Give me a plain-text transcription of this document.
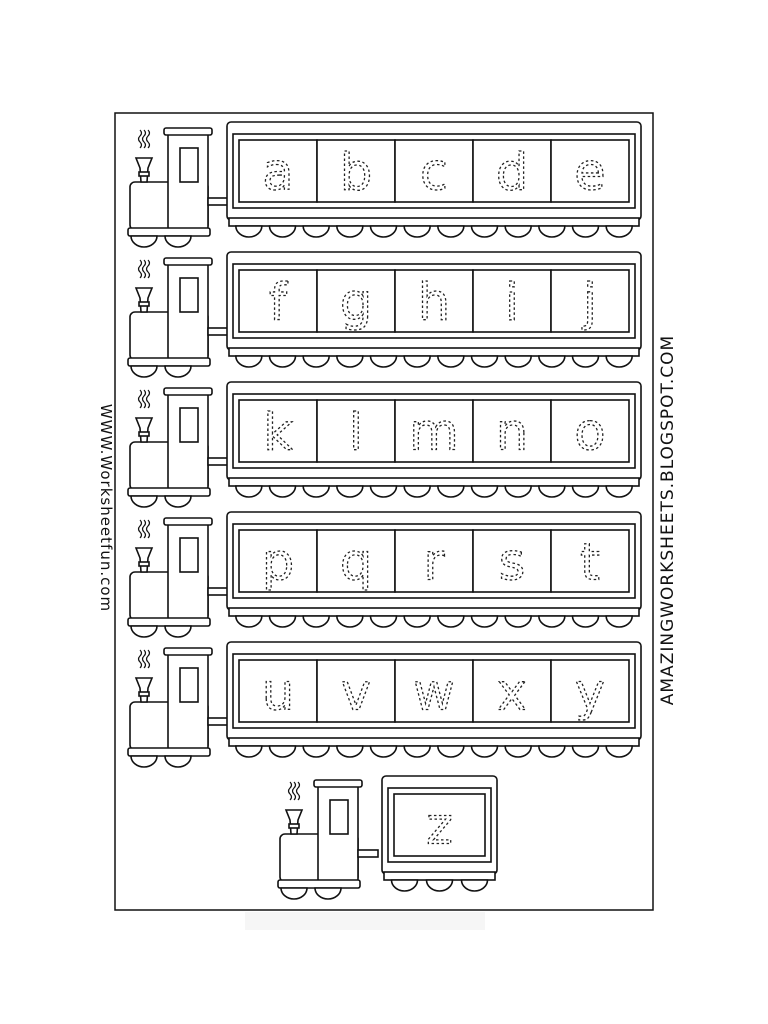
a b c d e
f g h i j
k l m n o
p q r s t
u v w x y
z
WWW.Worksheetfun.com	AMAZINGWORKSHEETS.BLOGSPOT.COM
